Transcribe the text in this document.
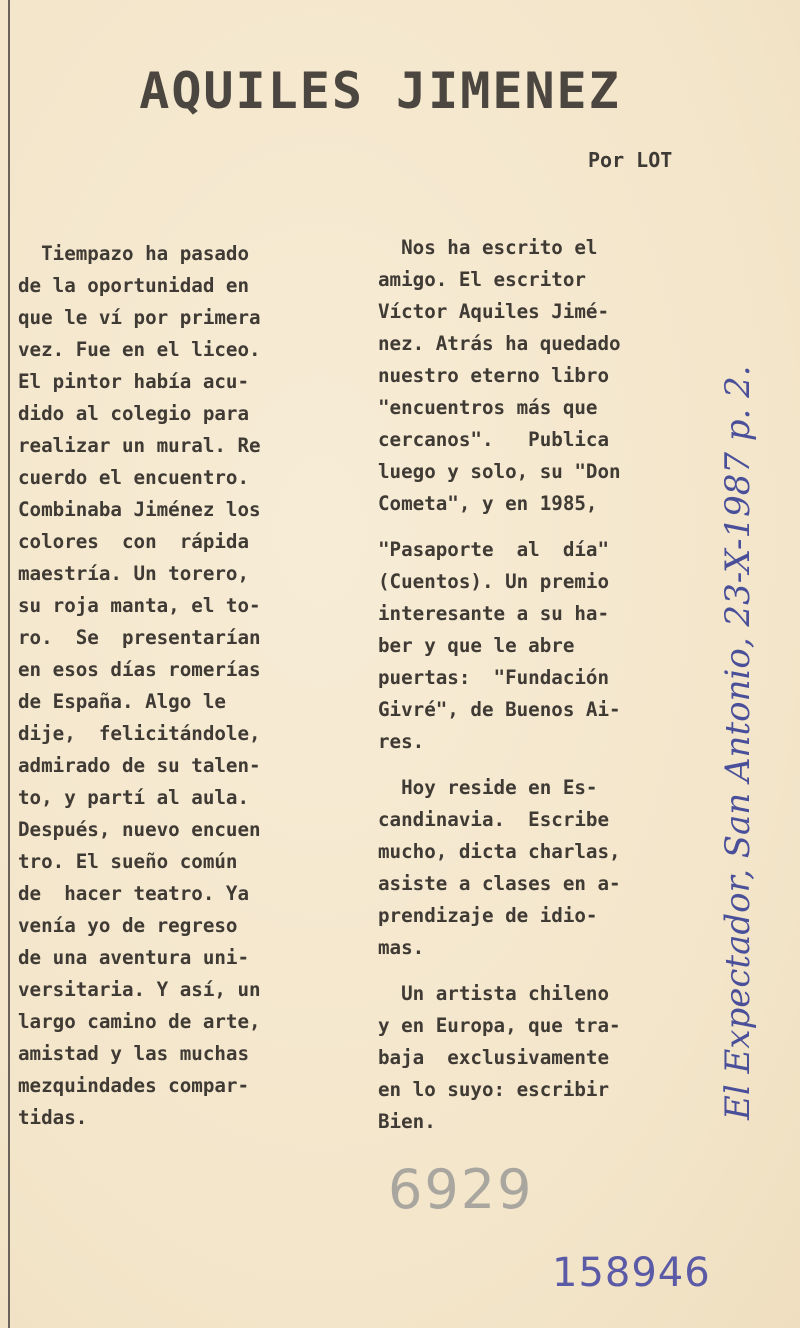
AQUILES JIMENEZ
Por LOT
Tiempazo ha pasado
de la oportunidad en
que le ví por primera
vez. Fue en el liceo.
El pintor había acu-
dido al colegio para
realizar un mural. Re
cuerdo el encuentro.
Combinaba Jiménez los
colores  con  rápida
maestría. Un torero,
su roja manta, el to-
ro.  Se  presentarían
en esos días romerías
de España. Algo le
dije,  felicitándole,
admirado de su talen-
to, y partí al aula.
Después, nuevo encuen
tro. El sueño común
de  hacer teatro. Ya
venía yo de regreso
de una aventura uni-
versitaria. Y así, un
largo camino de arte,
amistad y las muchas
mezquindades compar-
tidas.
Nos ha escrito el
amigo. El escritor
Víctor Aquiles Jimé-
nez. Atrás ha quedado
nuestro eterno libro
"encuentros más que
cercanos".   Publica
luego y solo, su "Don
Cometa", y en 1985,
"Pasaporte  al  día"
(Cuentos). Un premio
interesante a su ha-
ber y que le abre
puertas:  "Fundación
Givré", de Buenos Ai-
res.
Hoy reside en Es-
candinavia.  Escribe
mucho, dicta charlas,
asiste a clases en a-
prendizaje de idio-
mas.
Un artista chileno
y en Europa, que tra-
baja  exclusivamente
en lo suyo: escribir
Bien.
El Expectador, San Antonio, 23-X-1987 p. 2.
6929
158946
